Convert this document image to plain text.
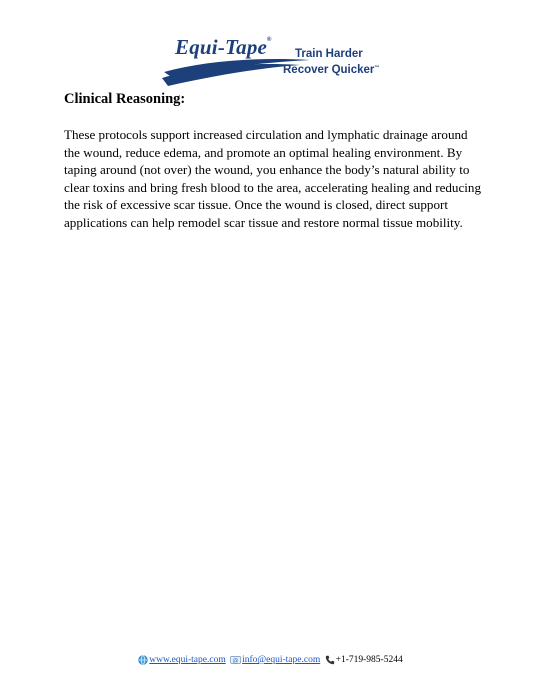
Equi-Tape®
Train Harder
Recover Quicker™
Clinical Reasoning:

These protocols support increased circulation and lymphatic drainage around the wound, reduce edema, and promote an optimal healing environment. By taping around (not over) the wound, you enhance the body’s natural ability to clear toxins and bring fresh blood to the area, accelerating healing and reducing the risk of excessive scar tissue. Once the wound is closed, direct support applications can help remodel scar tissue and restore normal tissue mobility.

www.equi-tape.com
@ info@equi-tape.com
+1-719-985-5244
